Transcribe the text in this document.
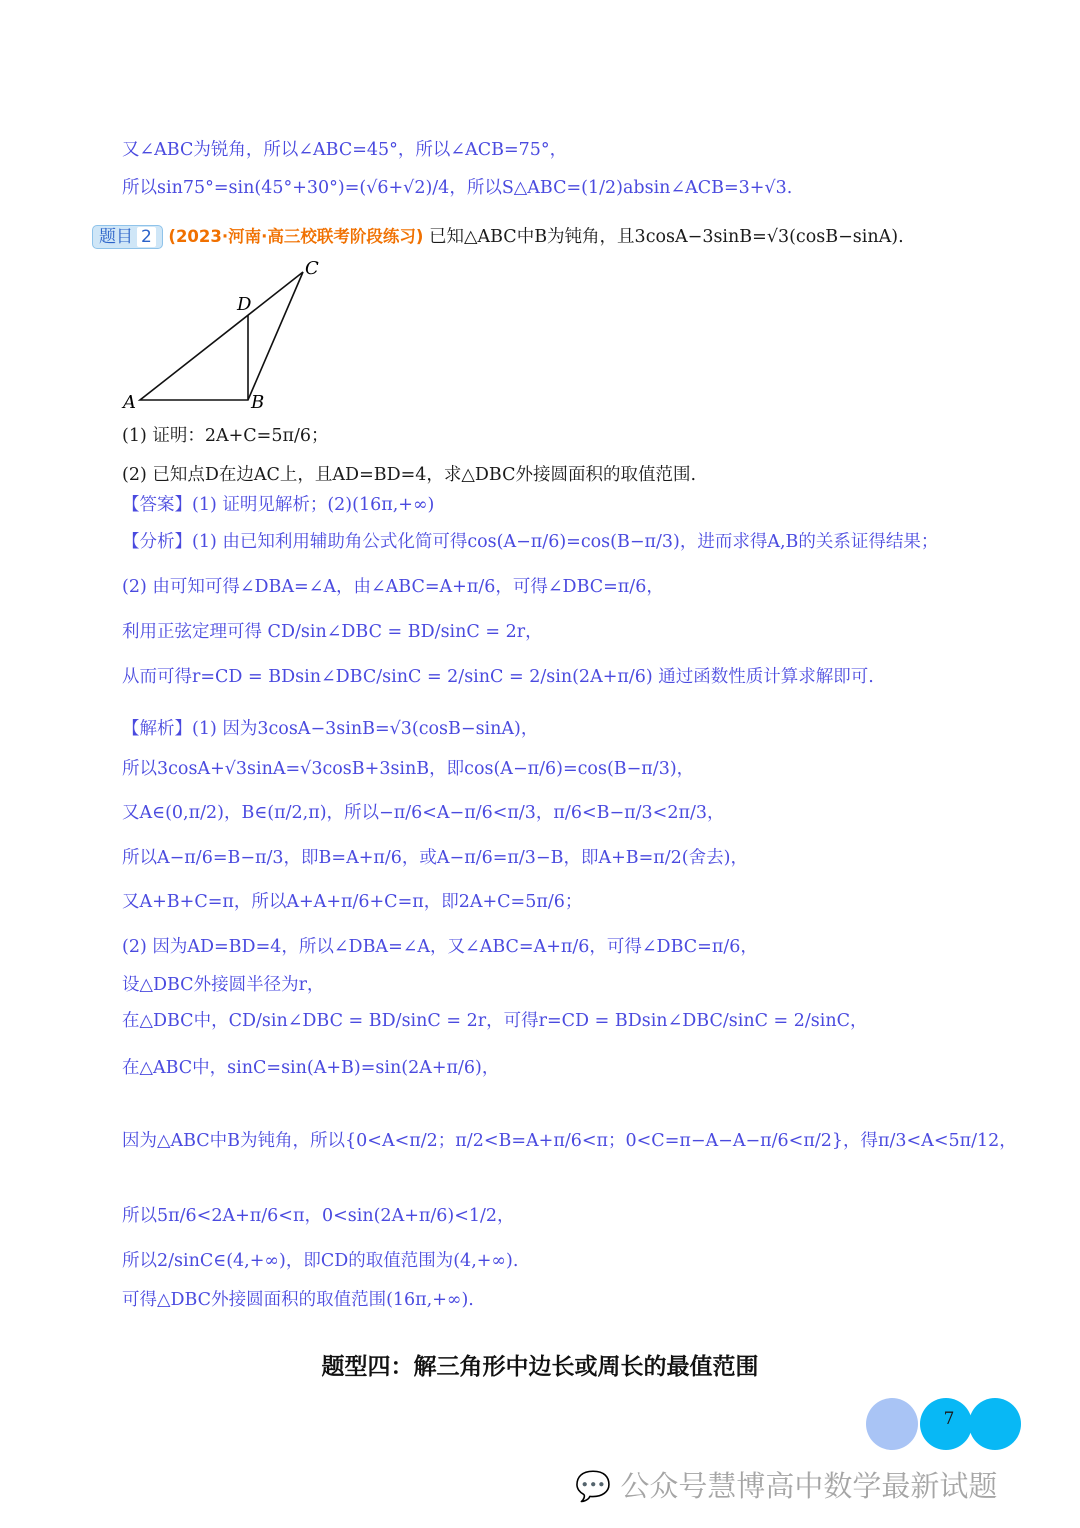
又∠ABC为锐角，所以∠ABC=45°，所以∠ACB=75°，
所以sin75°=sin(45°+30°)=(√6+√2)/4，所以S△ABC=(1/2)absin∠ACB=3+√3.
题目 2 (2023·河南·高三校联考阶段练习) 已知△ABC中B为钝角，且3cosA−3sinB=√3(cosB−sinA).
A	B
C
D
(1) 证明：2A+C=5π/6；
(2) 已知点D在边AC上，且AD=BD=4，求△DBC外接圆面积的取值范围.
【答案】(1) 证明见解析；(2)(16π,+∞)
【分析】(1) 由已知利用辅助角公式化简可得cos(A−π/6)=cos(B−π/3)，进而求得A,B的关系证得结果；
(2) 由可知可得∠DBA=∠A，由∠ABC=A+π/6，可得∠DBC=π/6，
利用正弦定理可得 CD/sin∠DBC = BD/sinC = 2r，
从而可得r=CD = BDsin∠DBC/sinC = 2/sinC = 2/sin(2A+π/6) 通过函数性质计算求解即可.
【解析】(1) 因为3cosA−3sinB=√3(cosB−sinA)，
所以3cosA+√3sinA=√3cosB+3sinB，即cos(A−π/6)=cos(B−π/3)，
又A∈(0,π/2)，B∈(π/2,π)，所以−π/6<A−π/6<π/3，π/6<B−π/3<2π/3，
所以A−π/6=B−π/3，即B=A+π/6，或A−π/6=π/3−B，即A+B=π/2(舍去)，
又A+B+C=π，所以A+A+π/6+C=π，即2A+C=5π/6；
(2) 因为AD=BD=4，所以∠DBA=∠A，又∠ABC=A+π/6，可得∠DBC=π/6，
设△DBC外接圆半径为r，
在△DBC中，CD/sin∠DBC = BD/sinC = 2r，可得r=CD = BDsin∠DBC/sinC = 2/sinC，
在△ABC中，sinC=sin(A+B)=sin(2A+π/6)，
因为△ABC中B为钝角，所以{0<A<π/2；π/2<B=A+π/6<π；0<C=π−A−A−π/6<π/2}，得π/3<A<5π/12，
所以5π/6<2A+π/6<π，0<sin(2A+π/6)<1/2，
所以2/sinC∈(4,+∞)，即CD的取值范围为(4,+∞).
可得△DBC外接圆面积的取值范围(16π,+∞).
题型四：解三角形中边长或周长的最值范围
7
💬 公众号慧博高中数学最新试题
